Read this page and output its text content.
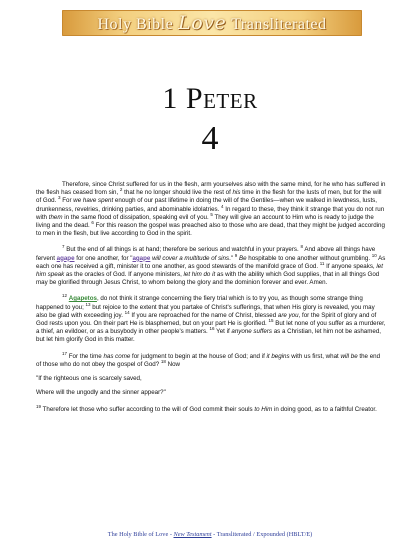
Holy Bible Love Transliterated
1 Peter
4

Therefore, since Christ suffered for us in the flesh, arm yourselves also with the same mind, for he who has suffered in the flesh has ceased from sin, $^2$ that he no longer should live the rest of his time in the flesh for the lusts of men, but for the will of God. $^3$ For we have spent enough of our past lifetime in doing the will of the Gentiles—when we walked in lewdness, lusts, drunkenness, revelries, drinking parties, and abominable idolatries. $^4$ In regard to these, they think it strange that you do not run with them in the same flood of dissipation, speaking evil of you. $^5$ They will give an account to Him who is ready to judge the living and the dead. $^6$ For this reason the gospel was preached also to those who are dead, that they might be judged according to men in the flesh, but live according to God in the spirit.

$^7$ But the end of all things is at hand; therefore be serious and watchful in your prayers. $^8$ And above all things have fervent agape for one another, for "agape will cover a multitude of sins." $^9$ Be hospitable to one another without grumbling. $^{10}$ As each one has received a gift, minister it to one another, as good stewards of the manifold grace of God. $^{11}$ If anyone speaks, let him speak as the oracles of God. If anyone ministers, let him do it as with the ability which God supplies, that in all things God may be glorified through Jesus Christ, to whom belong the glory and the dominion forever and ever. Amen.

$^{12}$ Agapetos, do not think it strange concerning the fiery trial which is to try you, as though some strange thing happened to you; $^{13}$ but rejoice to the extent that you partake of Christ's sufferings, that when His glory is revealed, you may also be glad with exceeding joy. $^{14}$ If you are reproached for the name of Christ, blessed are you, for the Spirit of glory and of God rests upon you. On their part He is blasphemed, but on your part He is glorified. $^{15}$ But let none of you suffer as a murderer, a thief, an evildoer, or as a busybody in other people's matters. $^{16}$ Yet if anyone suffers as a Christian, let him not be ashamed, but let him glorify God in this matter.

$^{17}$ For the time has come for judgment to begin at the house of God; and if it begins with us first, what will be the end of those who do not obey the gospel of God? $^{18}$ Now

"If the righteous one is scarcely saved,

Where will the ungodly and the sinner appear?"

$^{19}$ Therefore let those who suffer according to the will of God commit their souls to Him in doing good, as to a faithful Creator.

The Holy Bible of Love - New Testament - Transliterated / Expounded (HBLT/E)
